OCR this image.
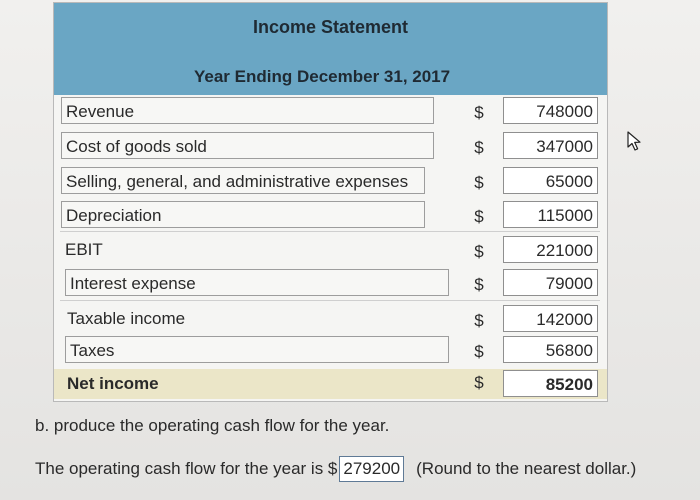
Income Statement
Year Ending December 31, 2017
Revenue	$	748000
Cost of goods sold	$	347000
Selling, general, and administrative expenses	$	65000
Depreciation	$	115000
EBIT	$	221000
Interest expense	$	79000
Taxable income	$	142000
Taxes	$	56800
Net income	$	85200
b. produce the operating cash flow for the year.
The operating cash flow for the year is $ 279200 (Round to the nearest dollar.)
